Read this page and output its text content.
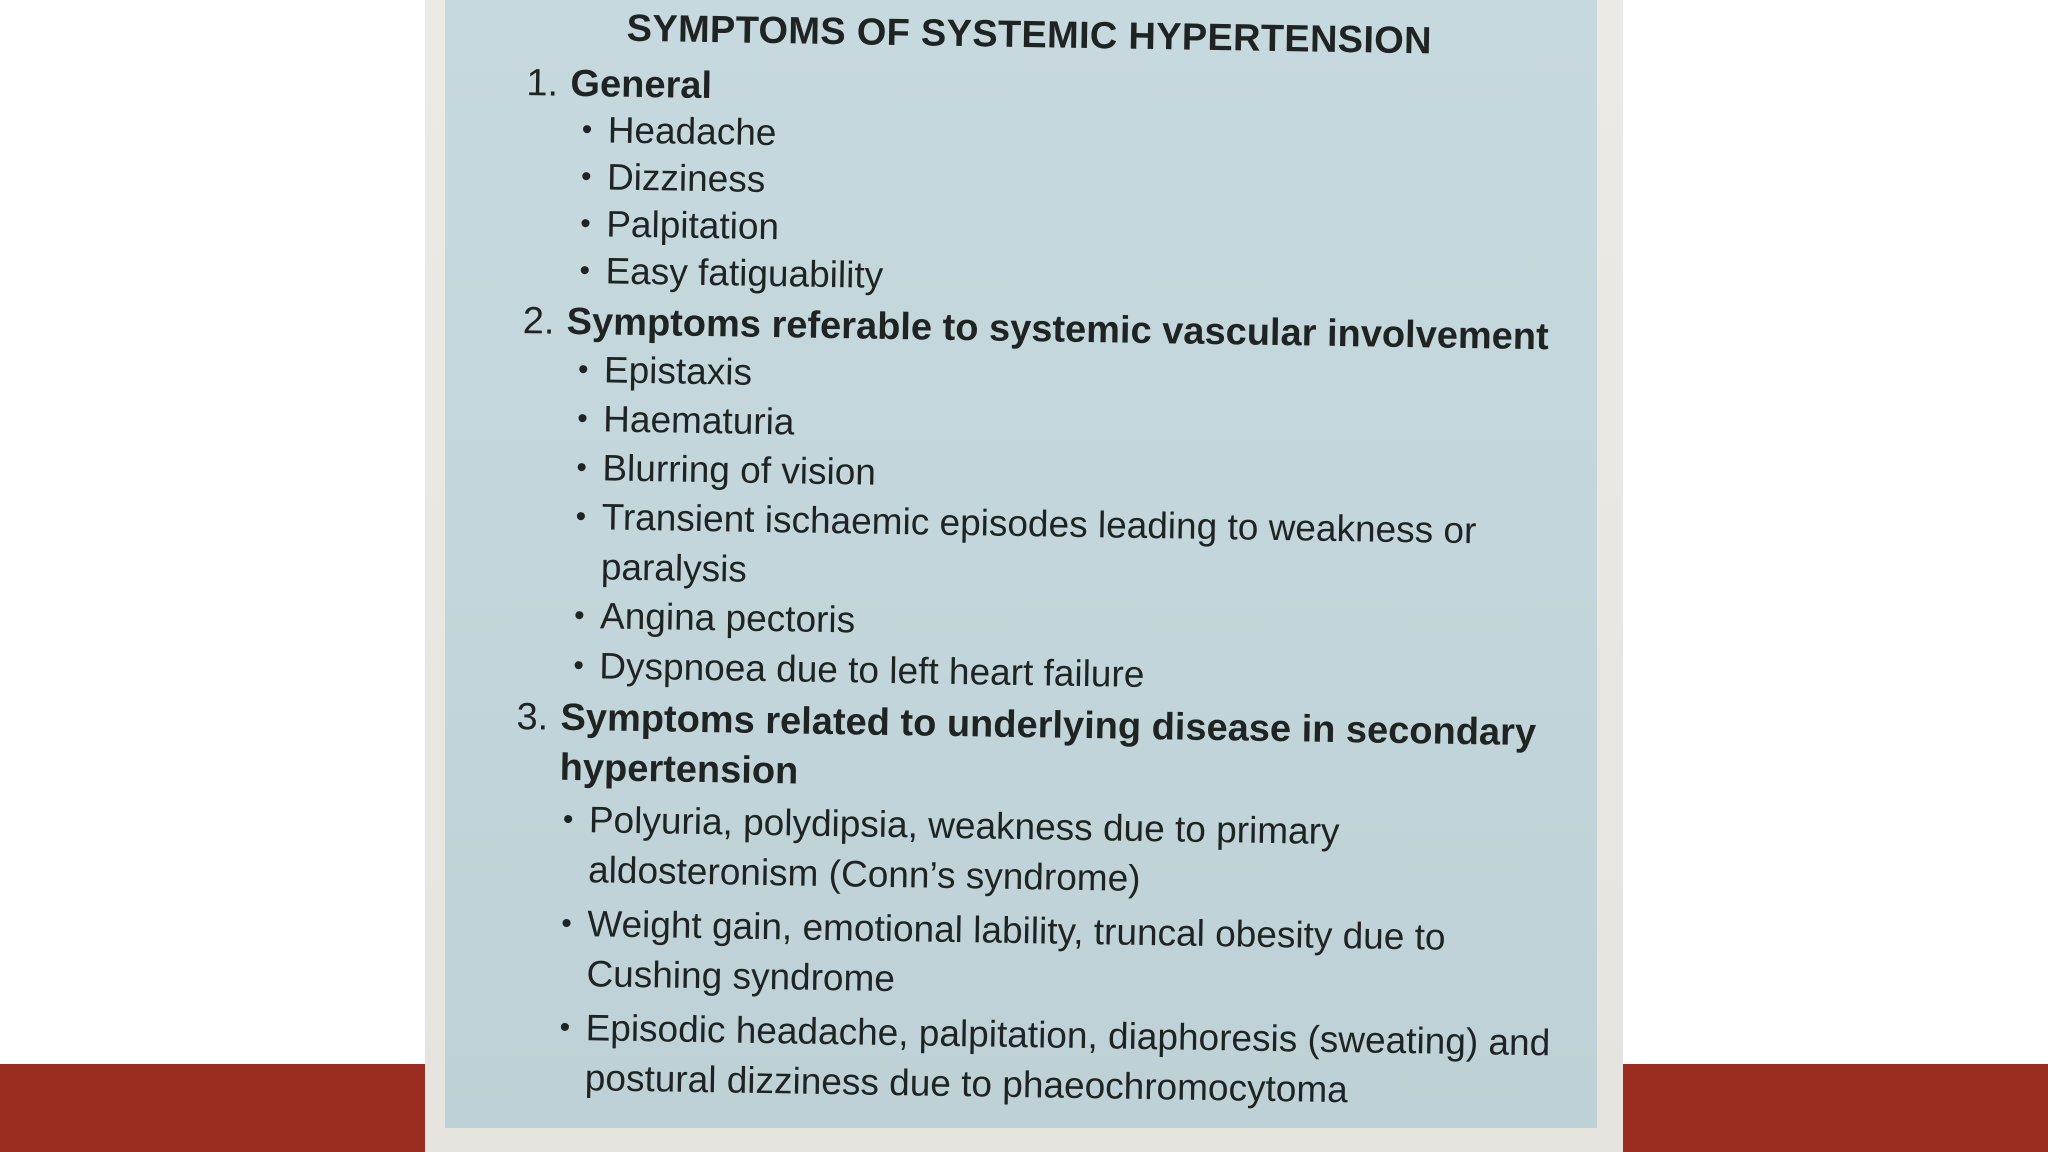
SYMPTOMS OF SYSTEMIC HYPERTENSION
1. General
• Headache
• Dizziness
• Palpitation
• Easy fatiguability
2. Symptoms referable to systemic vascular involvement
• Epistaxis
• Haematuria
• Blurring of vision
• Transient ischaemic episodes leading to weakness or
paralysis
• Angina pectoris
• Dyspnoea due to left heart failure
3. Symptoms related to underlying disease in secondary
hypertension
• Polyuria, polydipsia, weakness due to primary
aldosteronism (Conn’s syndrome)
• Weight gain, emotional lability, truncal obesity due to
Cushing syndrome
• Episodic headache, palpitation, diaphoresis (sweating) and
postural dizziness due to phaeochromocytoma
